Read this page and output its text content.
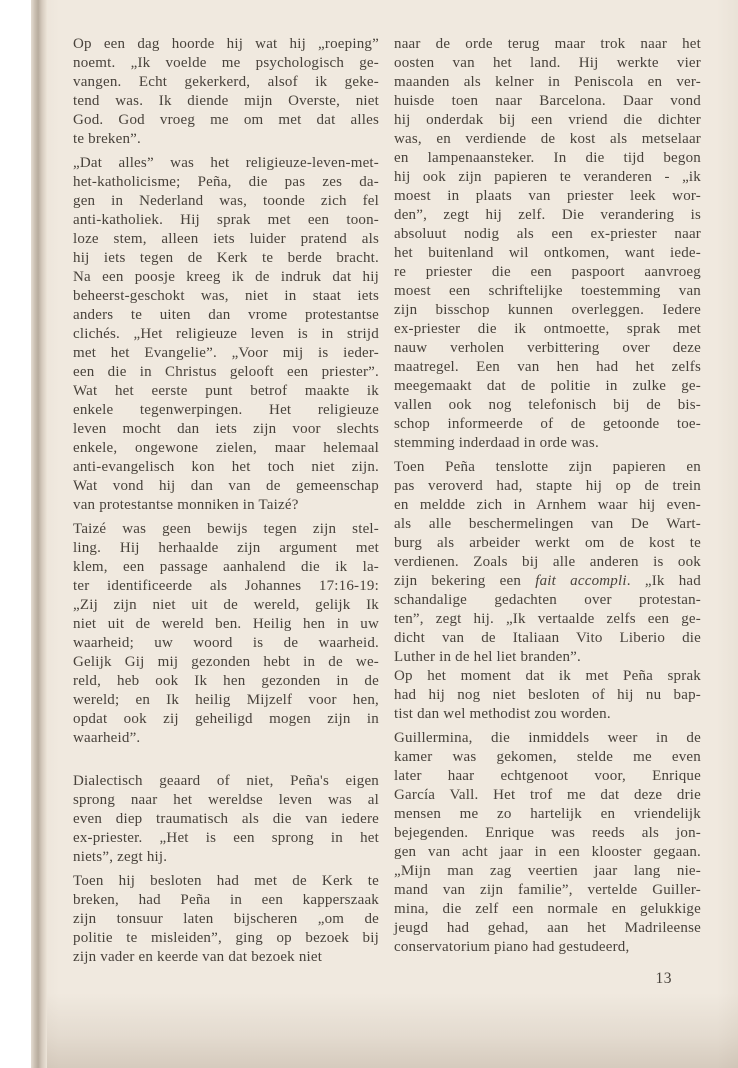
Op een dag hoorde hij wat hij „roeping”
noemt. „Ik voelde me psychologisch ge-
vangen. Echt gekerkerd, alsof ik geke-
tend was. Ik diende mijn Overste, niet
God. God vroeg me om met dat alles
te breken”.
„Dat alles” was het religieuze-leven-met-
het-katholicisme; Peña, die pas zes da-
gen in Nederland was, toonde zich fel
anti-katholiek. Hij sprak met een toon-
loze stem, alleen iets luider pratend als
hij iets tegen de Kerk te berde bracht.
Na een poosje kreeg ik de indruk dat hij
beheerst-geschokt was, niet in staat iets
anders te uiten dan vrome protestantse
clichés. „Het religieuze leven is in strijd
met het Evangelie”. „Voor mij is ieder-
een die in Christus gelooft een priester”.
Wat het eerste punt betrof maakte ik
enkele tegenwerpingen. Het religieuze
leven mocht dan iets zijn voor slechts
enkele, ongewone zielen, maar helemaal
anti-evangelisch kon het toch niet zijn.
Wat vond hij dan van de gemeenschap
van protestantse monniken in Taizé?
Taizé was geen bewijs tegen zijn stel-
ling. Hij herhaalde zijn argument met
klem, een passage aanhalend die ik la-
ter identificeerde als Johannes 17:16-19:
„Zij zijn niet uit de wereld, gelijk Ik
niet uit de wereld ben. Heilig hen in uw
waarheid; uw woord is de waarheid.
Gelijk Gij mij gezonden hebt in de we-
reld, heb ook Ik hen gezonden in de
wereld; en Ik heilig Mijzelf voor hen,
opdat ook zij geheiligd mogen zijn in
waarheid”.
Dialectisch geaard of niet, Peña's eigen
sprong naar het wereldse leven was al
even diep traumatisch als die van iedere
ex-priester. „Het is een sprong in het
niets”, zegt hij.
Toen hij besloten had met de Kerk te
breken, had Peña in een kapperszaak
zijn tonsuur laten bijscheren „om de
politie te misleiden”, ging op bezoek bij
zijn vader en keerde van dat bezoek niet
naar de orde terug maar trok naar het
oosten van het land. Hij werkte vier
maanden als kelner in Peniscola en ver-
huisde toen naar Barcelona. Daar vond
hij onderdak bij een vriend die dichter
was, en verdiende de kost als metselaar
en lampenaansteker. In die tijd begon
hij ook zijn papieren te veranderen - „ik
moest in plaats van priester leek wor-
den”, zegt hij zelf. Die verandering is
absoluut nodig als een ex-priester naar
het buitenland wil ontkomen, want iede-
re priester die een paspoort aanvroeg
moest een schriftelijke toestemming van
zijn bisschop kunnen overleggen. Iedere
ex-priester die ik ontmoette, sprak met
nauw verholen verbittering over deze
maatregel. Een van hen had het zelfs
meegemaakt dat de politie in zulke ge-
vallen ook nog telefonisch bij de bis-
schop informeerde of de getoonde toe-
stemming inderdaad in orde was.
Toen Peña tenslotte zijn papieren en
pas veroverd had, stapte hij op de trein
en meldde zich in Arnhem waar hij even-
als alle beschermelingen van De Wart-
burg als arbeider werkt om de kost te
verdienen. Zoals bij alle anderen is ook
zijn bekering een fait accompli. „Ik had
schandalige gedachten over protestan-
ten”, zegt hij. „Ik vertaalde zelfs een ge-
dicht van de Italiaan Vito Liberio die
Luther in de hel liet branden”.
Op het moment dat ik met Peña sprak
had hij nog niet besloten of hij nu bap-
tist dan wel methodist zou worden.
Guillermina, die inmiddels weer in de
kamer was gekomen, stelde me even
later haar echtgenoot voor, Enrique
García Vall. Het trof me dat deze drie
mensen me zo hartelijk en vriendelijk
bejegenden. Enrique was reeds als jon-
gen van acht jaar in een klooster gegaan.
„Mijn man zag veertien jaar lang nie-
mand van zijn familie”, vertelde Guiller-
mina, die zelf een normale en gelukkige
jeugd had gehad, aan het Madrileense
conservatorium piano had gestudeerd,
13
